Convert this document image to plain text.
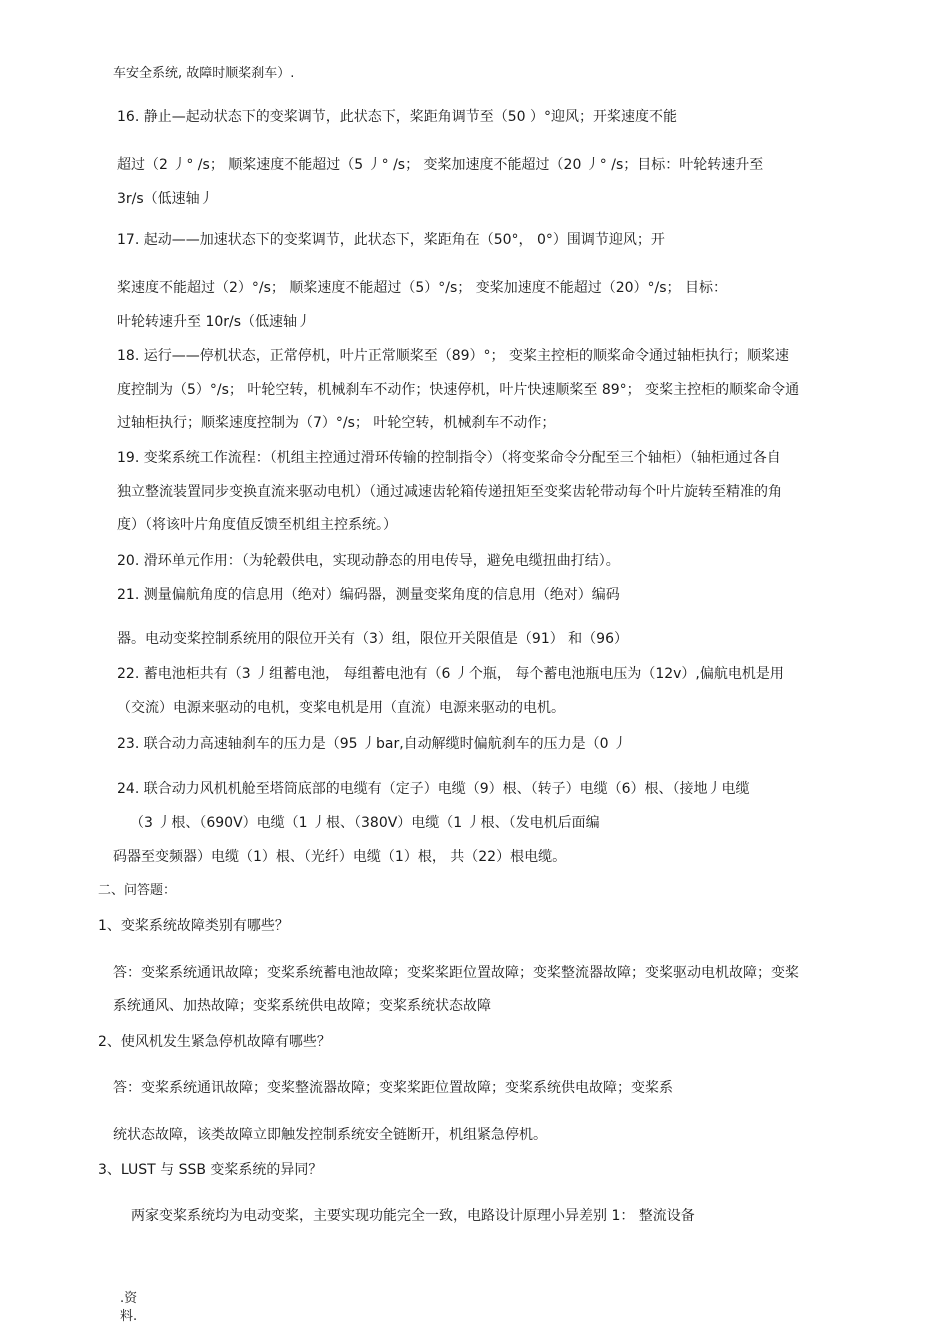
车安全系统, 故障时顺桨刹车）.
16. 静止—起动状态下的变桨调节，此状态下，桨距角调节至（50 ）°迎风；开桨速度不能
超过（2 丿° /s； 顺桨速度不能超过（5 丿° /s； 变桨加速度不能超过（20 丿° /s；目标：叶轮转速升至
3r/s（低速轴丿
17. 起动——加速状态下的变桨调节，此状态下，桨距角在（50°， 0°）围调节迎风；开
桨速度不能超过（2）°/s； 顺桨速度不能超过（5）°/s； 变桨加速度不能超过（20）°/s； 目标：
叶轮转速升至 10r/s（低速轴丿
18. 运行——停机状态，正常停机，叶片正常顺桨至（89）°； 变桨主控柜的顺桨命令通过轴柜执行；顺桨速
度控制为（5）°/s； 叶轮空转，机械刹车不动作；快速停机，叶片快速顺桨至 89°； 变桨主控柜的顺桨命令通
过轴柜执行；顺桨速度控制为（7）°/s； 叶轮空转，机械刹车不动作；
19. 变桨系统工作流程：（机组主控通过滑环传输的控制指令）（将变桨命令分配至三个轴柜）（轴柜通过各自
独立整流装置同步变换直流来驱动电机）（通过减速齿轮箱传递扭矩至变桨齿轮带动每个叶片旋转至精准的角
度）（将该叶片角度值反馈至机组主控系统。）
20. 滑环单元作用：（为轮毂供电，实现动静态的用电传导，避免电缆扭曲打结）。
21. 测量偏航角度的信息用（绝对）编码器，测量变桨角度的信息用（绝对）编码
器。电动变桨控制系统用的限位开关有（3）组，限位开关限值是（91） 和（96）
22. 蓄电池柜共有（3 丿组蓄电池， 每组蓄电池有（6 丿个瓶， 每个蓄电池瓶电压为（12v）,偏航电机是用
（交流）电源来驱动的电机，变桨电机是用（直流）电源来驱动的电机。
23. 联合动力高速轴刹车的压力是（95 丿bar,自动解缆时偏航刹车的压力是（0 丿
24. 联合动力风机机舱至塔筒底部的电缆有（定子）电缆（9）根、（转子）电缆（6）根、（接地丿电缆
（3 丿根、（690V）电缆（1 丿根、（380V）电缆（1 丿根、（发电机后面编
码器至变频器）电缆（1）根、（光纤）电缆（1）根， 共（22）根电缆。
二、问答题：
1、变桨系统故障类别有哪些？
答：变桨系统通讯故障；变桨系统蓄电池故障；变桨桨距位置故障；变桨整流器故障；变桨驱动电机故障；变桨
系统通风、加热故障；变桨系统供电故障；变桨系统状态故障
2、使风机发生紧急停机故障有哪些？
答：变桨系统通讯故障；变桨整流器故障；变桨桨距位置故障；变桨系统供电故障；变桨系
统状态故障，该类故障立即触发控制系统安全链断开，机组紧急停机。
3、LUST 与 SSB 变桨系统的异同？
两家变桨系统均为电动变桨，主要实现功能完全一致，电路设计原理小异差别 1： 整流设备
.资
料.
